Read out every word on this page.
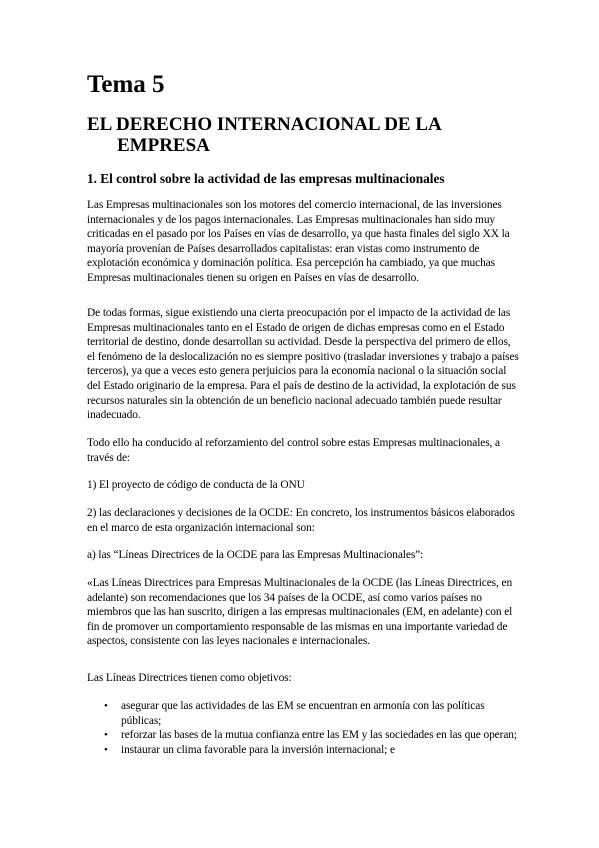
Tema 5
EL DERECHO INTERNACIONAL DE LA
EMPRESA
1. El control sobre la actividad de las empresas multinacionales

Las Empresas multinacionales son los motores del comercio internacional, de las inversiones internacionales y de los pagos internacionales. Las Empresas multinacionales han sido muy criticadas en el pasado por los Países en vías de desarrollo, ya que hasta finales del siglo XX la mayoría provenían de Países desarrollados capitalistas: eran vistas como instrumento de explotación económica y dominación política. Esa percepción ha cambiado, ya que muchas Empresas multinacionales tienen su origen en Países en vías de desarrollo.

De todas formas, sigue existiendo una cierta preocupación por el impacto de la actividad de las Empresas multinacionales tanto en el Estado de origen de dichas empresas como en el Estado territorial de destino, donde desarrollan su actividad. Desde la perspectiva del primero de ellos, el fenómeno de la deslocalización no es siempre positivo (trasladar inversiones y trabajo a países terceros), ya que a veces esto genera perjuicios para la economía nacional o la situación social del Estado originario de la empresa. Para el país de destino de la actividad, la explotación de sus recursos naturales sin la obtención de un beneficio nacional adecuado también puede resultar inadecuado.

Todo ello ha conducido al reforzamiento del control sobre estas Empresas multinacionales, a través de:

1) El proyecto de código de conducta de la ONU

2) las declaraciones y decisiones de la OCDE: En concreto, los instrumentos básicos elaborados en el marco de esta organización internacional son:

a) las “Líneas Directrices de la OCDE para las Empresas Multinacionales”:

«Las Líneas Directrices para Empresas Multinacionales de la OCDE (las Líneas Directrices, en adelante) son recomendaciones que los 34 países de la OCDE, así como varios países no miembros que las han suscrito, dirigen a las empresas multinacionales (EM, en adelante) con el fin de promover un comportamiento responsable de las mismas en una importante variedad de aspectos, consistente con las leyes nacionales e internacionales.

Las Líneas Directrices tienen como objetivos:

• asegurar que las actividades de las EM se encuentran en armonía con las políticas públicas;
• reforzar las bases de la mutua confianza entre las EM y las sociedades en las que operan;
• instaurar un clima favorable para la inversión internacional; e
